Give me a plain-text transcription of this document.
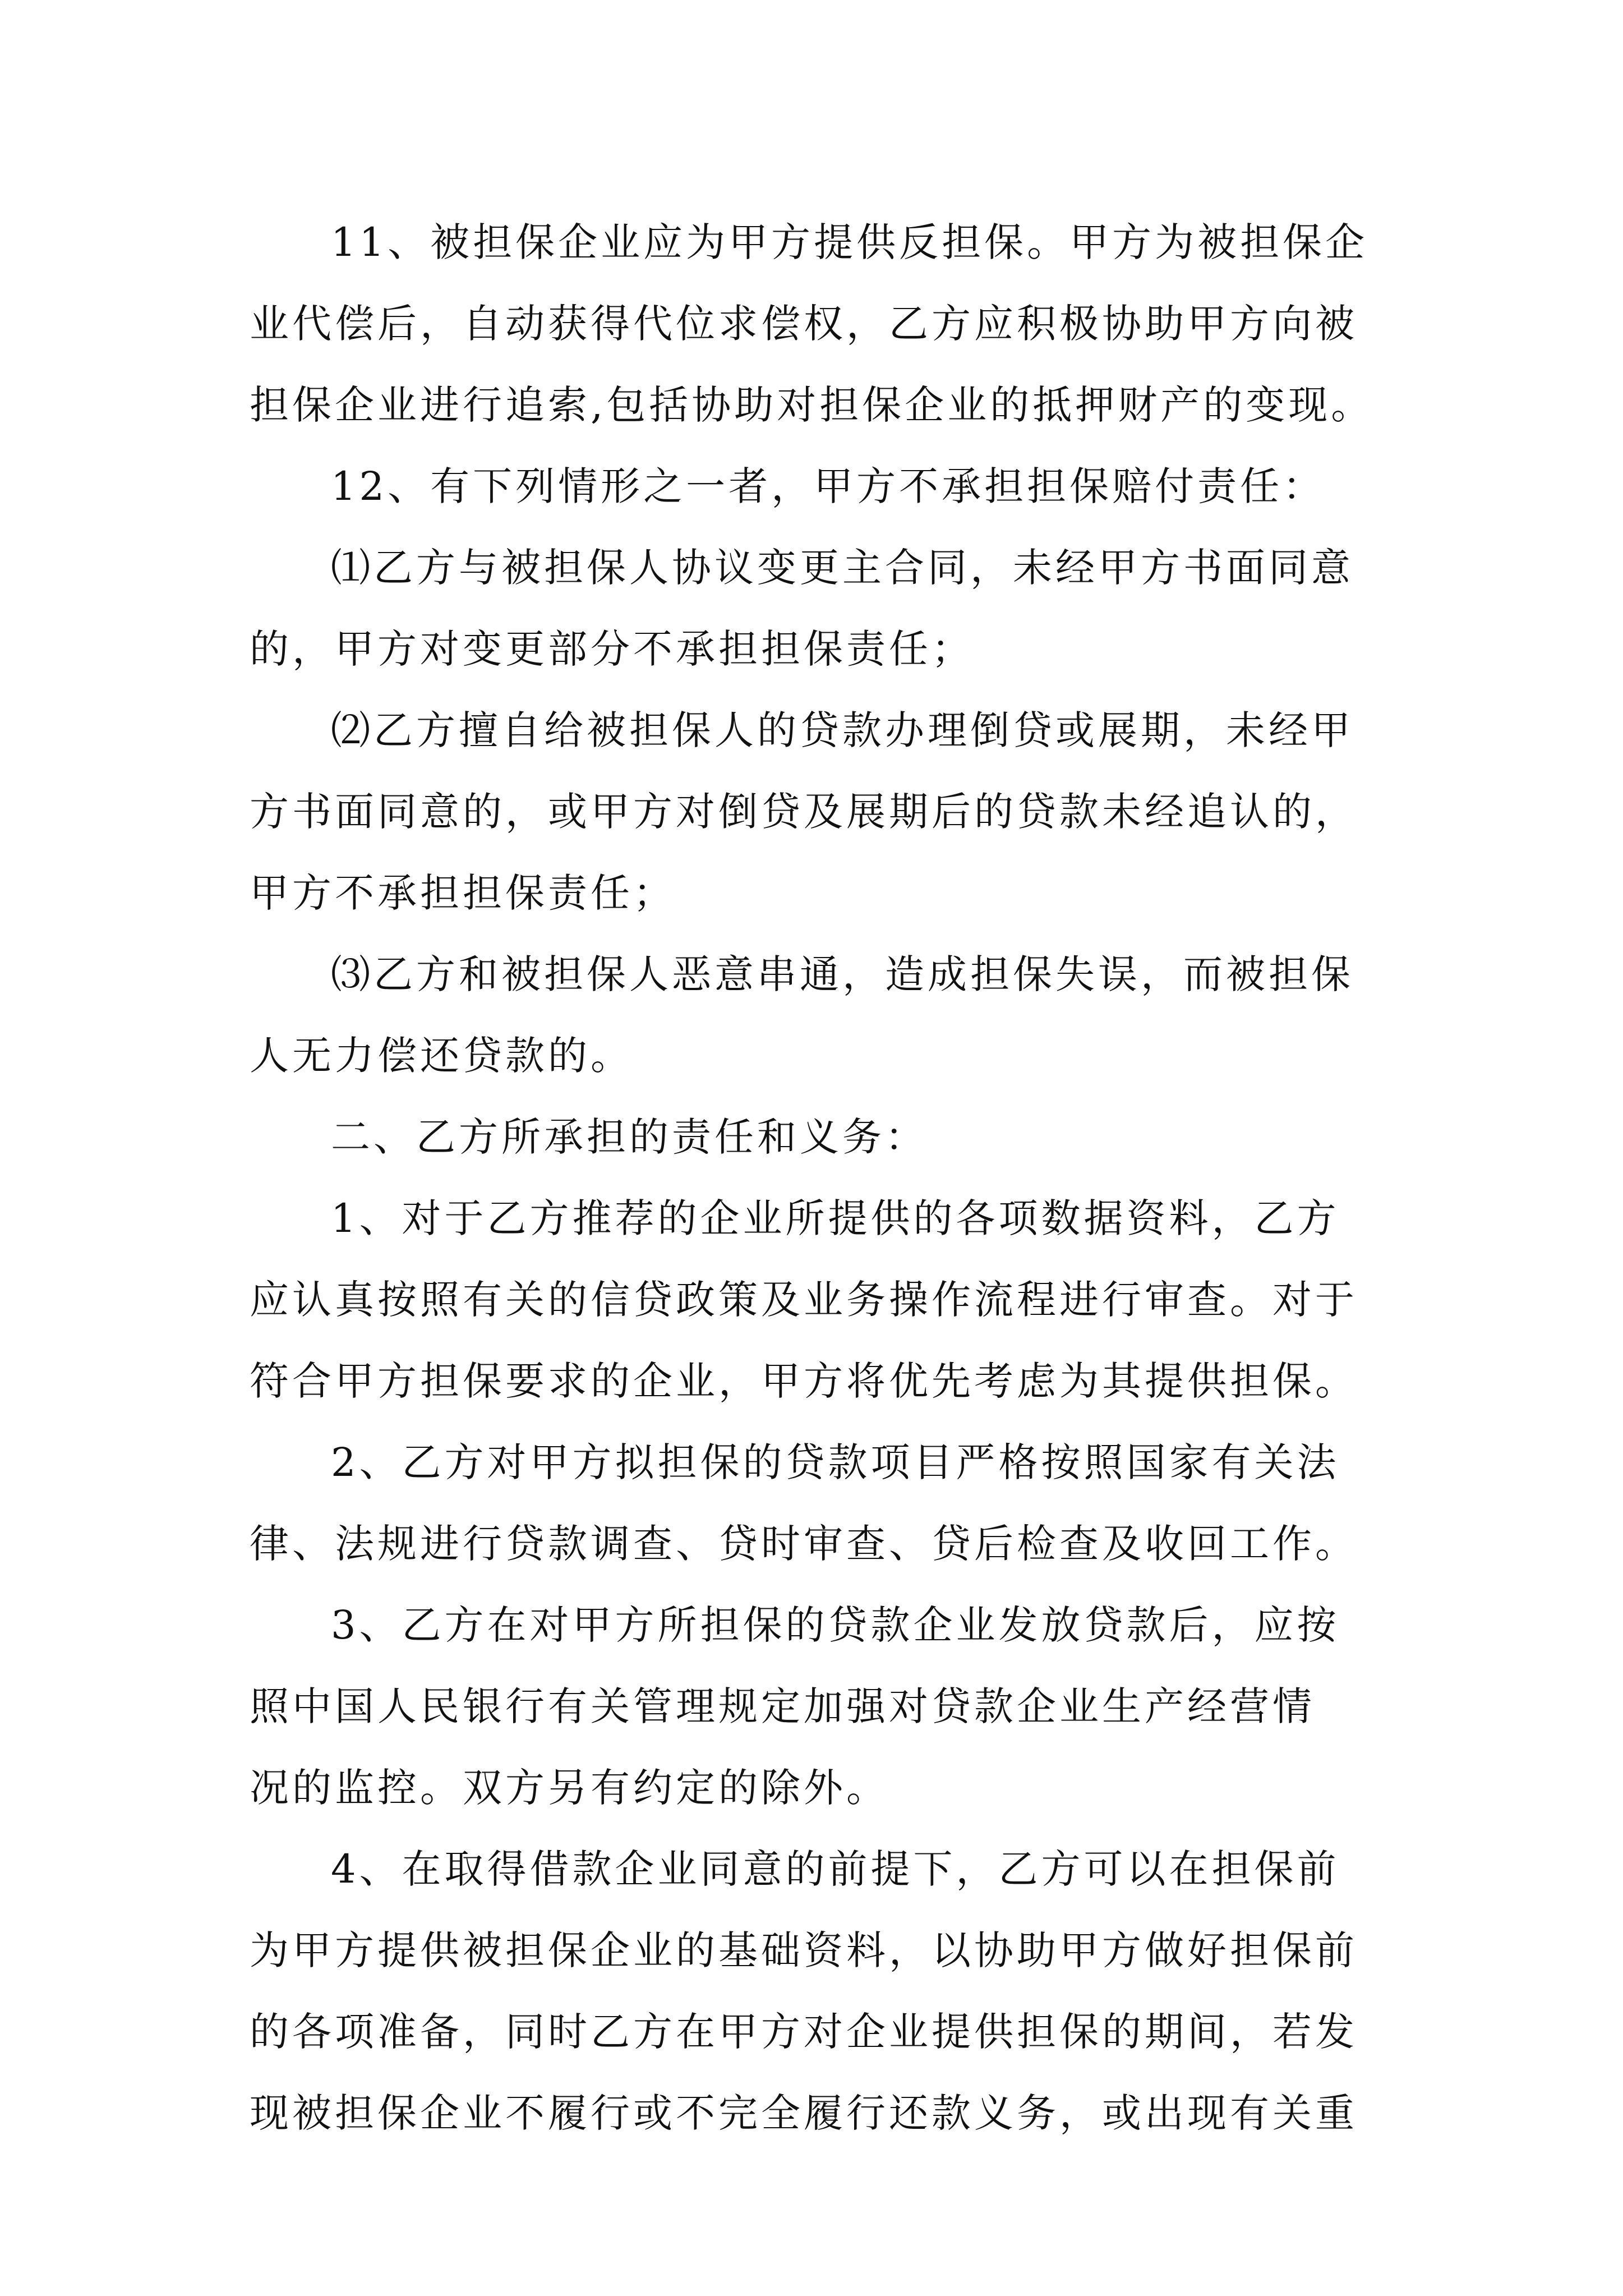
11、被担保企业应为甲方提供反担保。甲方为被担保企
业代偿后，自动获得代位求偿权，乙方应积极协助甲方向被
担保企业进行追索,包括协助对担保企业的抵押财产的变现。
12、有下列情形之一者，甲方不承担担保赔付责任：
⑴乙方与被担保人协议变更主合同，未经甲方书面同意
的，甲方对变更部分不承担担保责任；
⑵乙方擅自给被担保人的贷款办理倒贷或展期，未经甲
方书面同意的，或甲方对倒贷及展期后的贷款未经追认的，
甲方不承担担保责任；
⑶乙方和被担保人恶意串通，造成担保失误，而被担保
人无力偿还贷款的。
二、乙方所承担的责任和义务：
1、对于乙方推荐的企业所提供的各项数据资料，乙方
应认真按照有关的信贷政策及业务操作流程进行审查。对于
符合甲方担保要求的企业，甲方将优先考虑为其提供担保。
2、乙方对甲方拟担保的贷款项目严格按照国家有关法
律、法规进行贷款调查、贷时审查、贷后检查及收回工作。
3、乙方在对甲方所担保的贷款企业发放贷款后，应按
照中国人民银行有关管理规定加强对贷款企业生产经营情
况的监控。双方另有约定的除外。
4、在取得借款企业同意的前提下，乙方可以在担保前
为甲方提供被担保企业的基础资料，以协助甲方做好担保前
的各项准备，同时乙方在甲方对企业提供担保的期间，若发
现被担保企业不履行或不完全履行还款义务，或出现有关重
